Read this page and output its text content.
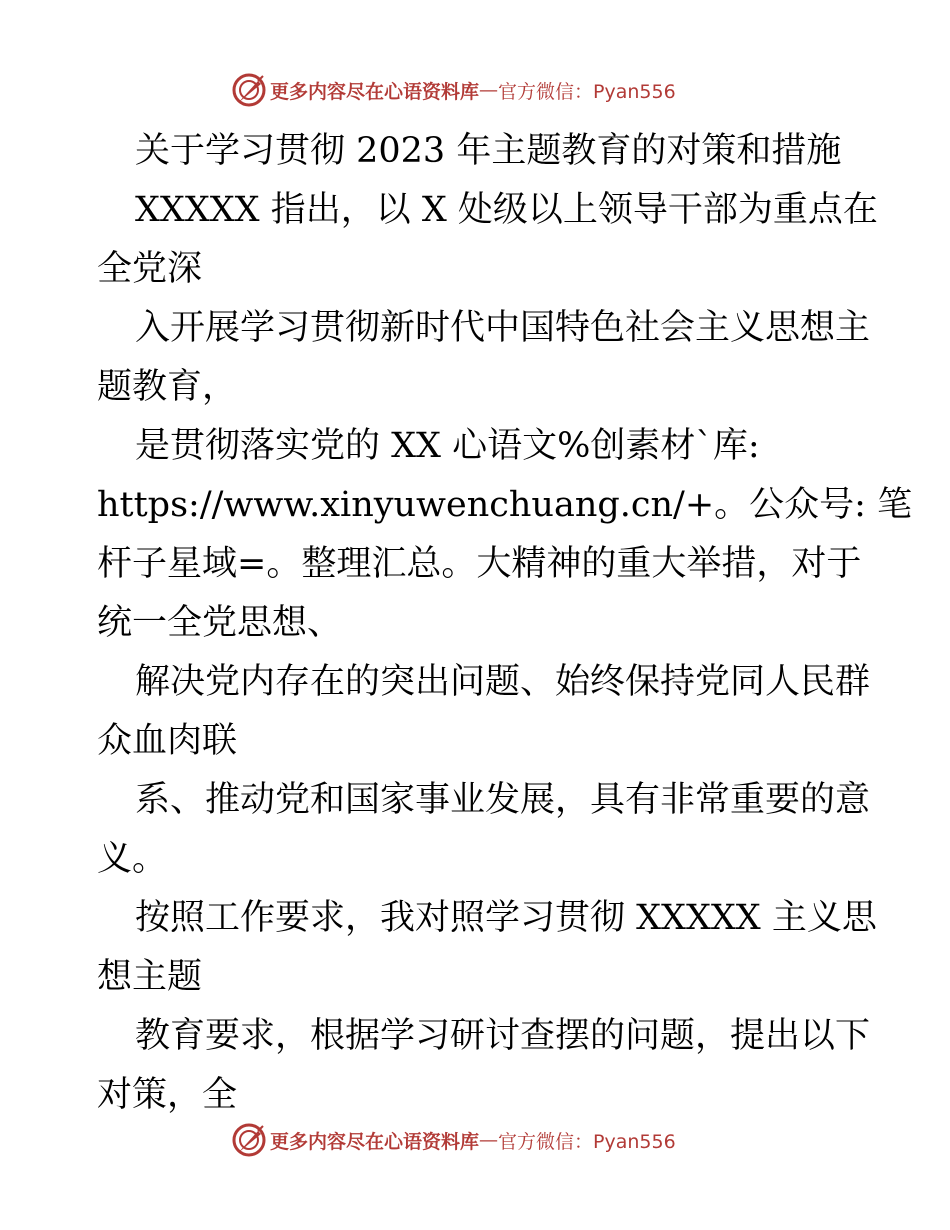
更多内容尽在心语资料库 — 官方微信：Pyan556
关于学习贯彻 2023 年主题教育的对策和措施
XXXXX 指出，以 X 处级以上领导干部为重点在
全党深
入开展学习贯彻新时代中国特色社会主义思想主
题教育，
是贯彻落实党的 XX 心语文%创素材`库:
https://www.xinyuwenchuang.cn/+。公众号: 笔
杆子星域=。整理汇总。大精神的重大举措，对于
统一全党思想、
解决党内存在的突出问题、始终保持党同人民群
众血肉联
系、推动党和国家事业发展，具有非常重要的意
义。
按照工作要求，我对照学习贯彻 XXXXX 主义思
想主题
教育要求，根据学习研讨查摆的问题，提出以下
对策，全
更多内容尽在心语资料库 — 官方微信：Pyan556
